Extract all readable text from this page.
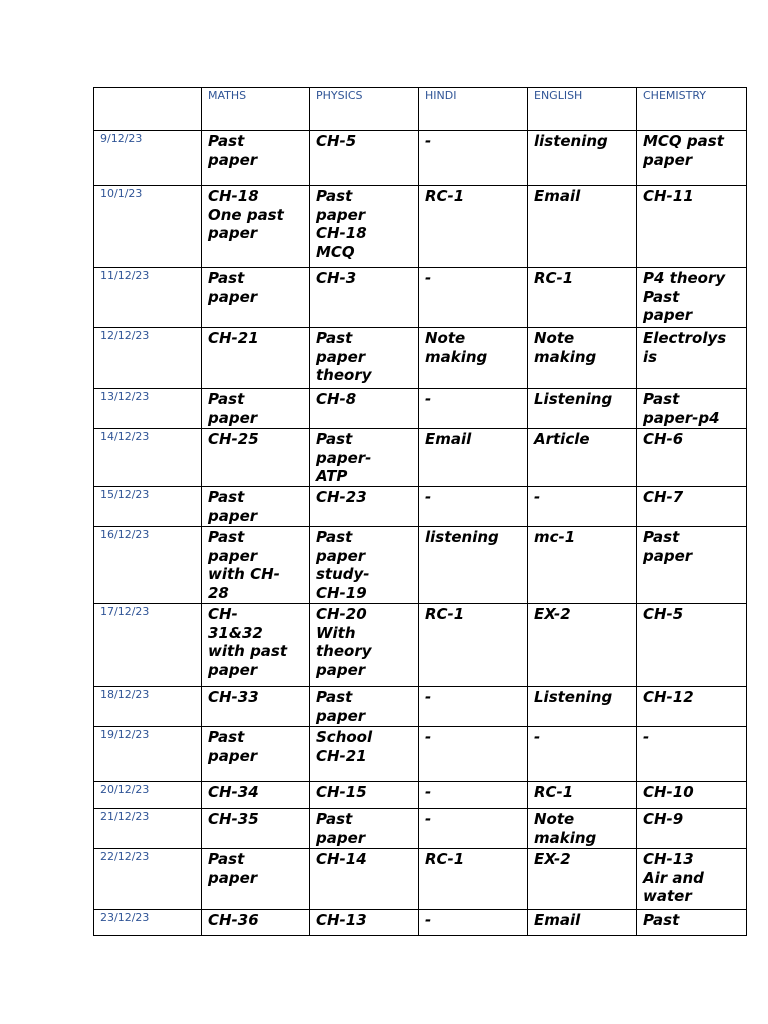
	MATHS	PHYSICS	HINDI	ENGLISH	CHEMISTRY
9/12/23	Past
paper	CH-5	-	listening	MCQ past
paper
10/1/23	CH-18
One past
paper	Past
paper
CH-18
MCQ	RC-1	Email	CH-11
11/12/23	Past
paper	CH-3	-	RC-1	P4 theory
Past
paper
12/12/23	CH-21	Past
paper
theory	Note
making	Note
making	Electrolys
is
13/12/23	Past
paper	CH-8	-	Listening	Past
paper-p4
14/12/23	CH-25	Past
paper-
ATP	Email	Article	CH-6
15/12/23	Past
paper	CH-23	-	-	CH-7
16/12/23	Past
paper
with CH-
28	Past
paper
study-
CH-19	listening	mc-1	Past
paper
17/12/23	CH-
31&32
with past
paper	CH-20
With
theory
paper	RC-1	EX-2	CH-5
18/12/23	CH-33	Past
paper	-	Listening	CH-12
19/12/23	Past
paper	School
CH-21	-	-	-
20/12/23	CH-34	CH-15	-	RC-1	CH-10
21/12/23	CH-35	Past
paper	-	Note
making	CH-9
22/12/23	Past
paper	CH-14	RC-1	EX-2	CH-13
Air and
water
23/12/23	CH-36	CH-13	-	Email	Past
